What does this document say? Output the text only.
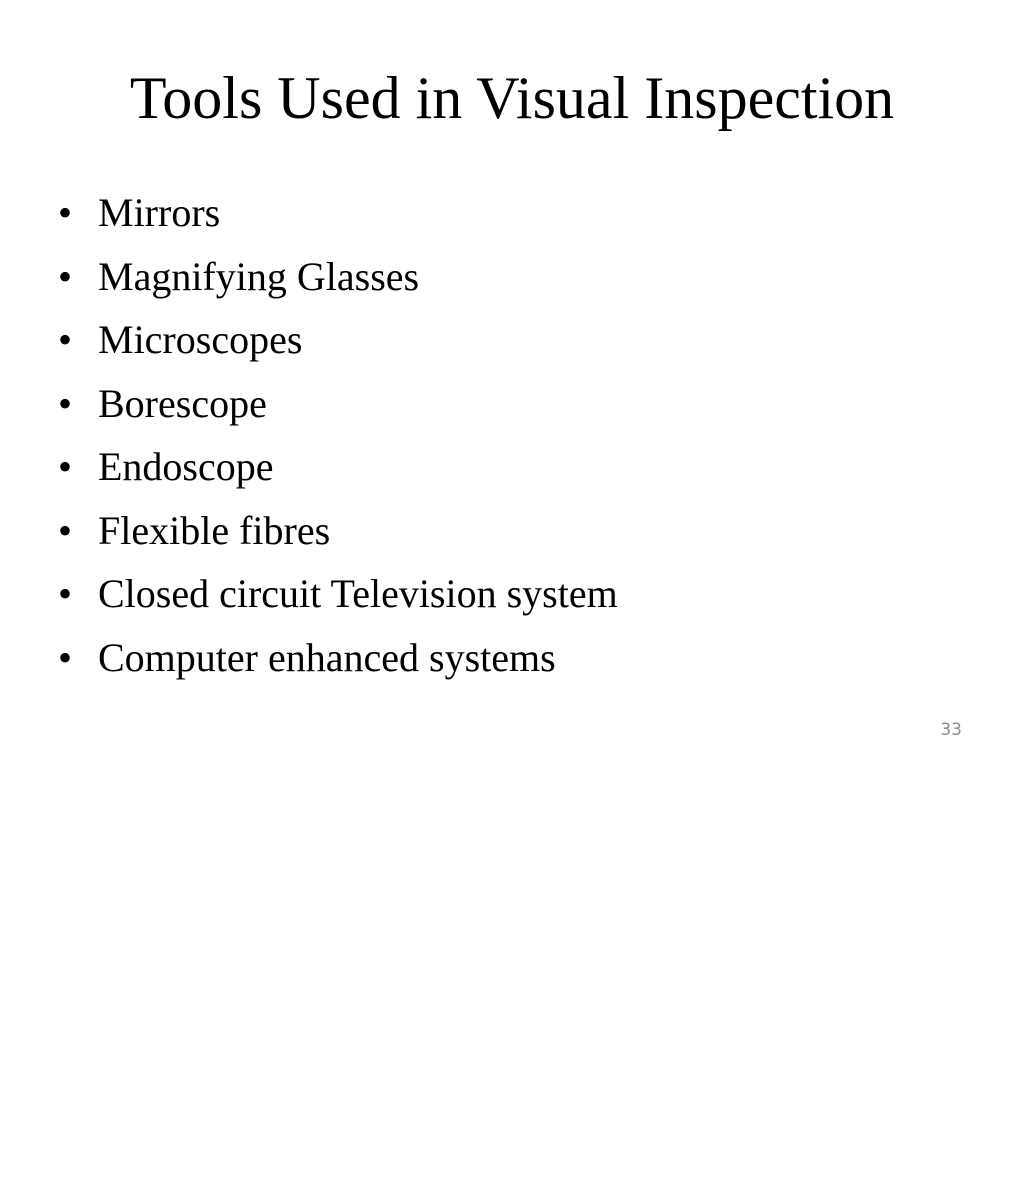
Tools Used in Visual Inspection
• Mirrors
• Magnifying Glasses
• Microscopes
• Borescope
• Endoscope
• Flexible fibres
• Closed circuit Television system
• Computer enhanced systems
33
